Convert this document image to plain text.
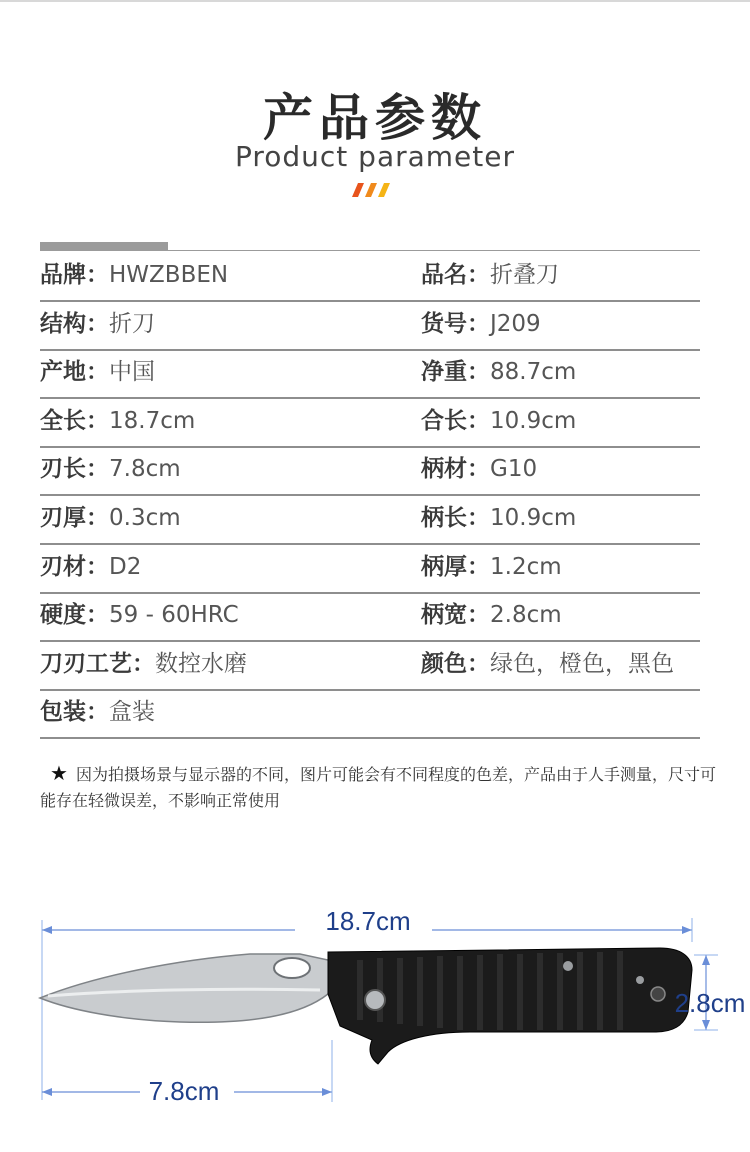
产品参数
Product parameter
品牌：HWZBBEN	品名：折叠刀
结构：折刀	货号：J209
产地：中国	净重：88.7cm
全长：18.7cm	合长：10.9cm
刃长：7.8cm	柄材：G10
刃厚：0.3cm	柄长：10.9cm
刃材：D2	柄厚：1.2cm
硬度：59 - 60HRC	柄宽：2.8cm
刀刃工艺：数控水磨	颜色：绿色，橙色，黑色
包装：盒装
★ 因为拍摄场景与显示器的不同，图片可能会有不同程度的色差，产品由于人手测量，尺寸可能存在轻微误差，不影响正常使用
18.7cm
2.8cm
7.8cm
